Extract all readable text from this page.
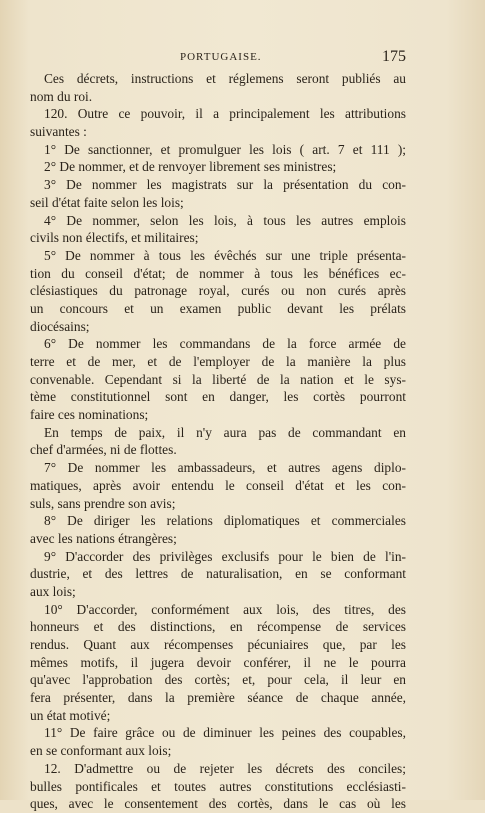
PORTUGAISE.	175
Ces décrets, instructions et réglemens seront publiés au
nom du roi.
120. Outre ce pouvoir, il a principalement les attributions
suivantes :
1° De sanctionner, et promulguer les lois ( art. 7 et 111 );
2° De nommer, et de renvoyer librement ses ministres;
3° De nommer les magistrats sur la présentation du con-
seil d'état faite selon les lois;
4° De nommer, selon les lois, à tous les autres emplois
civils non électifs, et militaires;
5° De nommer à tous les évêchés sur une triple présenta-
tion du conseil d'état; de nommer à tous les bénéfices ec-
clésiastiques du patronage royal, curés ou non curés après
un concours et un examen public devant les prélats
diocésains;
6° De nommer les commandans de la force armée de
terre et de mer, et de l'employer de la manière la plus
convenable. Cependant si la liberté de la nation et le sys-
tème constitutionnel sont en danger, les cortès pourront
faire ces nominations;
En temps de paix, il n'y aura pas de commandant en
chef d'armées, ni de flottes.
7° De nommer les ambassadeurs, et autres agens diplo-
matiques, après avoir entendu le conseil d'état et les con-
suls, sans prendre son avis;
8° De diriger les relations diplomatiques et commerciales
avec les nations étrangères;
9° D'accorder des privilèges exclusifs pour le bien de l'in-
dustrie, et des lettres de naturalisation, en se conformant
aux lois;
10° D'accorder, conformément aux lois, des titres, des
honneurs et des distinctions, en récompense de services
rendus. Quant aux récompenses pécuniaires que, par les
mêmes motifs, il jugera devoir conférer, il ne le pourra
qu'avec l'approbation des cortès; et, pour cela, il leur en
fera présenter, dans la première séance de chaque année,
un état motivé;
11° De faire grâce ou de diminuer les peines des coupables,
en se conformant aux lois;
12. D'admettre ou de rejeter les décrets des conciles;
bulles pontificales et toutes autres constitutions ecclésiasti-
ques, avec le consentement des cortès, dans le cas où les
